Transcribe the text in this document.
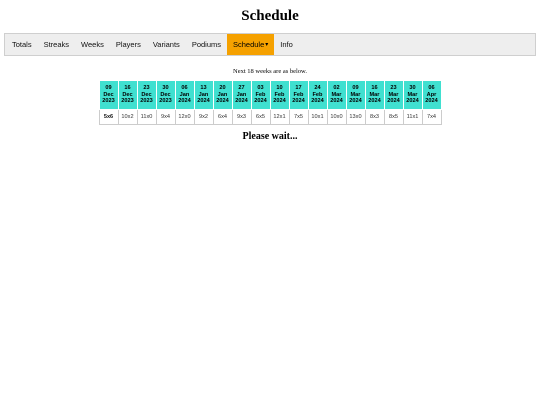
Schedule
Totals Streaks Weeks Players Variants Podiums Schedule ▾ Info
Next 18 weeks are as below.
09
Dec
2023	16
Dec
2023	23
Dec
2023	30
Dec
2023	06
Jan
2024	13
Jan
2024	20
Jan
2024	27
Jan
2024	03
Feb
2024	10
Feb
2024	17
Feb
2024	24
Feb
2024	02
Mar
2024	09
Mar
2024	16
Mar
2024	23
Mar
2024	30
Mar
2024	06
Apr
2024

5x6	10x2	11x0	9x4	12x0	9x2	6x4	9x3	6x5	12x1	7x5	10x1	10x0	13x0	8x3	8x5	11x1	7x4
Please wait...
